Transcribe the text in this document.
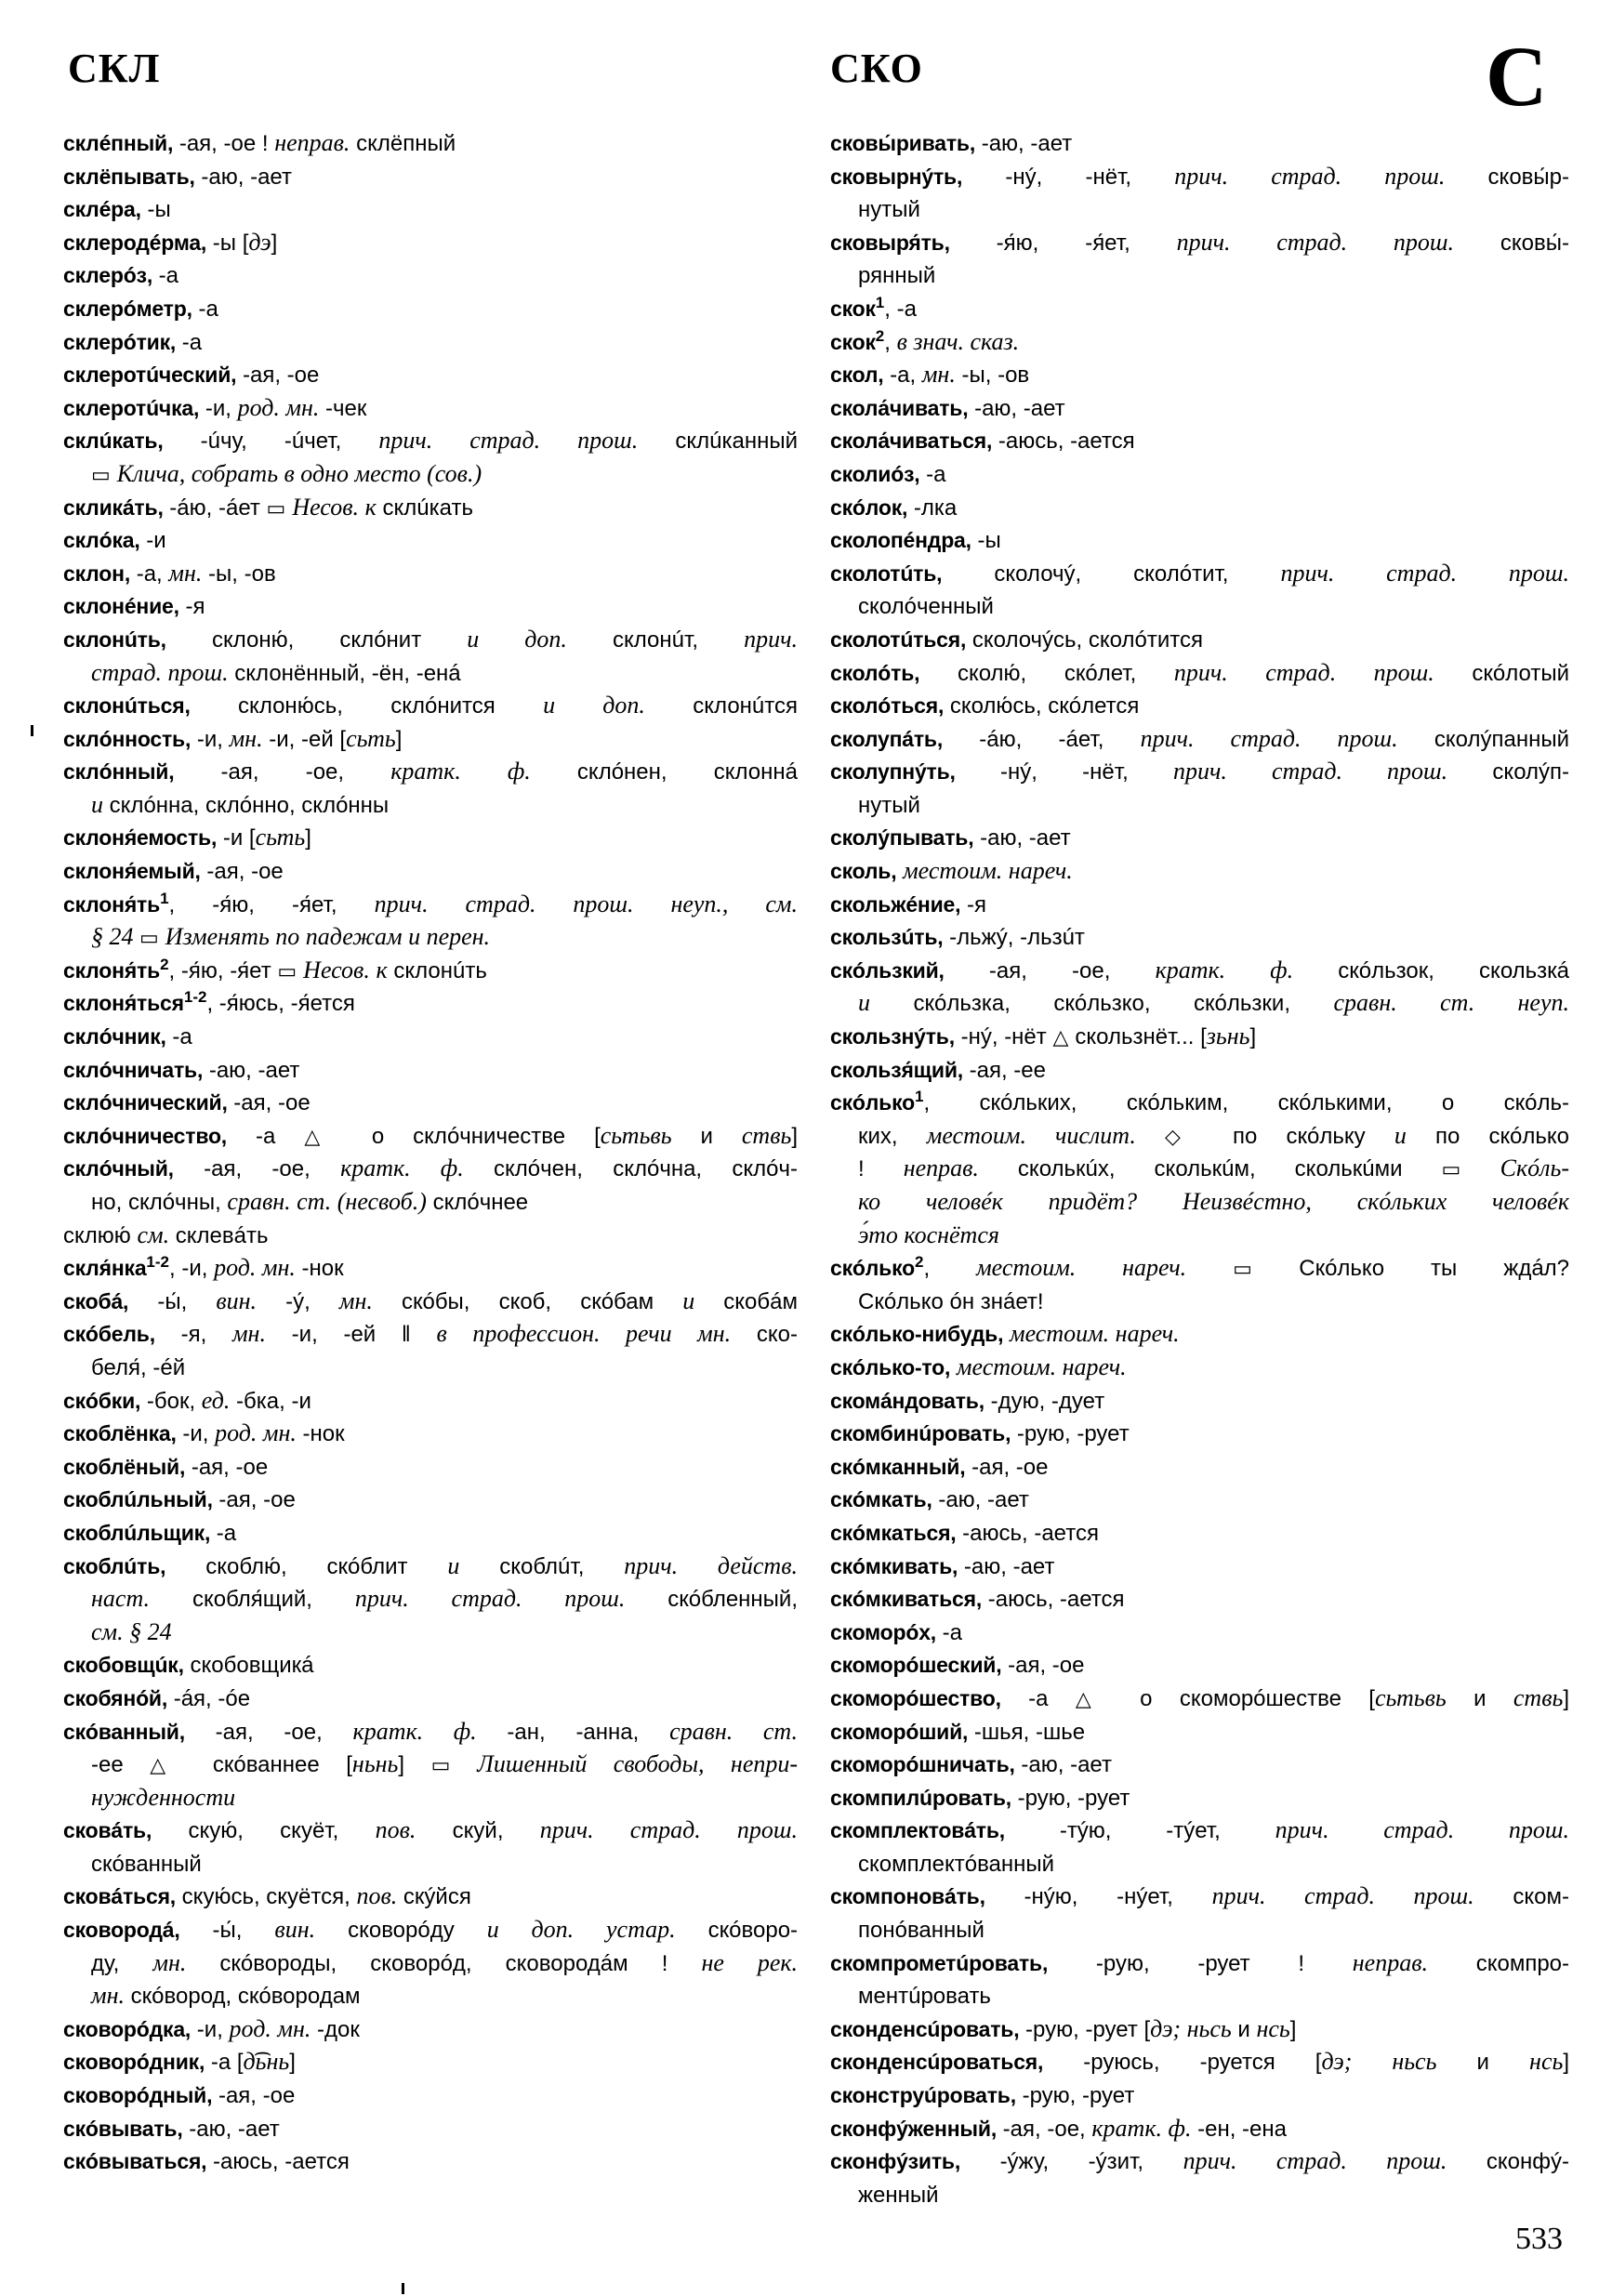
СКЛ	СКО	С
склéпный, -ая, -ое ! неправ. склёпный
склёпывать, -аю, -ает
склéра, -ы
склеродéрма, -ы [дэ]
склерóз, -а
склерóметр, -а
склерóтик, -а
склеротúческий, -ая, -ое
склеротúчка, -и, род. мн. -чек
склúкать, -úчу, -úчет, прич. страд. прош. склúканный
▭ Клича, собрать в одно место (сов.)
скликáть, -áю, -áет ▭ Несов. к склúкать
склóка, -и
склон, -а, мн. -ы, -ов
склонéние, -я
склонúть, склоню́, склóнит и доп. склонúт, прич.
страд. прош. склонённый, -ён, -енá
склонúться, склоню́сь, склóнится и доп. склонúтся
склóнность, -и, мн. -и, -ей [сьть]
склóнный, -ая, -ое, кратк. ф. склóнен, склоннá
и склóнна, склóнно, склóнны
склоня́емость, -и [сьть]
склоня́емый, -ая, -ое
$склоня́ть^1$, -я́ю, -я́ет, прич. страд. прош. неуп., см.
§ 24 ▭ Изменять по падежам и перен.
$склоня́ть^2$, -я́ю, -я́ет ▭ Несов. к склонúть
склоня́ться$^{1-2}$, -я́юсь, -я́ется
склóчник, -а
склóчничать, -аю, -ает
склóчнический, -ая, -ое
склóчничество, -а △ о склóчничестве [сьтьвь и ствь]
склóчный, -ая, -ое, кратк. ф. склóчен, склóчна, склóч-
но, склóчны, сравн. ст. (несвоб.) склóчнее
склюю́ см. склевáть
скля́нка$^{1-2}$, -и, род. мн. -нок
скобá, -ы́, вин. -у́, мн. скóбы, скоб, скóбам и скобáм
скóбель, -я, мн. -и, -ей ‖ в профессион. речи мн. ско-
беля́, -éй
скóбки, -бок, ед. -бка, -и
скоблёнка, -и, род. мн. -нок
скоблёный, -ая, -ое
скоблúльный, -ая, -ое
скоблúльщик, -а
скоблúть, скоблю́, скóблит и скоблúт, прич. действ.
наст. скобля́щий, прич. страд. прош. скóбленный,
см. § 24
скобовщúк, скобовщикá
скобянóй, -áя, -óе
скóванный, -ая, -ое, кратк. ф. -ан, -анна, сравн. ст.
-ее △ скóваннее [ньнь] ▭ Лишенный свободы, непри-
нужденности
сковáть, скую́, скуёт, пов. скуй, прич. страд. прош.
скóванный
сковáться, скую́сь, скуётся, пов. скýйся
сковородá, -ы́, вин. сковорóду и доп. устар. скóворо-
ду, мн. скóвороды, сковорóд, сковородáм ! не рек.
мн. скóвород, скóвородам
сковорóдка, -и, род. мн. -док
сковорóдник, -а [д͡ьнь]
сковорóдный, -ая, -ое
скóвывать, -аю, -ает
скóвываться, -аюсь, -ается
сковы́ривать, -аю, -ает
сковырнýть, -нý, -нёт, прич. страд. прош. сковы́р-
нутый
сковыря́ть, -я́ю, -я́ет, прич. страд. прош. сковы́-
рянный
скок$^1$, -а
скок$^2$, в знач. сказ.
скол, -а, мн. -ы, -ов
скола́чивать, -аю, -ает
скола́чиваться, -аюсь, -ается
сколиóз, -а
скóлок, -лка
сколопéндра, -ы
сколотúть, сколочý, сколóтит, прич. страд. прош.
сколóченный
сколотúться, сколочýсь, сколóтится
сколóть, сколю́, скóлет, прич. страд. прош. скóлотый
сколóться, сколю́сь, скóлется
сколупáть, -áю, -áет, прич. страд. прош. сколýпанный
сколупнýть, -нý, -нёт, прич. страд. прош. сколýп-
нутый
сколýпывать, -аю, -ает
сколь, местоим. нареч.
скольжéние, -я
скользúть, -льжý, -льзúт
скóльзкий, -ая, -ое, кратк. ф. скóльзок, скользкá
и скóльзка, скóльзко, скóльзки, сравн. ст. неуп.
скользнýть, -нý, -нёт △ скользнёт... [зьнь]
скользя́щий, -ая, -ее
скóлько$^1$, скóльких, скóльким, скóлькими, о скóль-
ких, местоим. числит. ◇ по скóльку и по скóлько
! неправ. сколькúх, сколькúм, сколькúми ▭ Скóль-
ко человéк придёт? Неизвéстно, скóльких человéк
э́то коснётся
скóлько$^2$, местоим. нареч. ▭ Скóлько ты ждáл?
Скóлько óн знáет!
скóлько-нибудь, местоим. нареч.
скóлько-то, местоим. нареч.
скомáндовать, -дую, -дует
скомбинúровать, -рую, -рует
скóмканный, -ая, -ое
скóмкать, -аю, -ает
скóмкаться, -аюсь, -ается
скóмкивать, -аю, -ает
скóмкиваться, -аюсь, -ается
скоморóх, -а
скоморóшеский, -ая, -ое
скоморóшество, -а △ о скоморóшестве [сьтьвь и ствь]
скоморóший, -шья, -шье
скоморóшничать, -аю, -ает
скомпилúровать, -рую, -рует
скомплектовáть, -тýю, -тýет, прич. страд. прош.
скомплектóванный
скомпоновáть, -нýю, -нýет, прич. страд. прош. ском-
понóванный
скомпрометúровать, -рую, -рует ! неправ. скомпро-
ментúровать
сконденсúровать, -рую, -рует [дэ; ньсь и нсь]
сконденсúроваться, -руюсь, -руется [дэ; ньсь и нсь]
сконструúровать, -рую, -рует
сконфýженный, -ая, -ое, кратк. ф. -ен, -ена
сконфýзить, -ýжу, -ýзит, прич. страд. прош. сконфý-
женный
533
